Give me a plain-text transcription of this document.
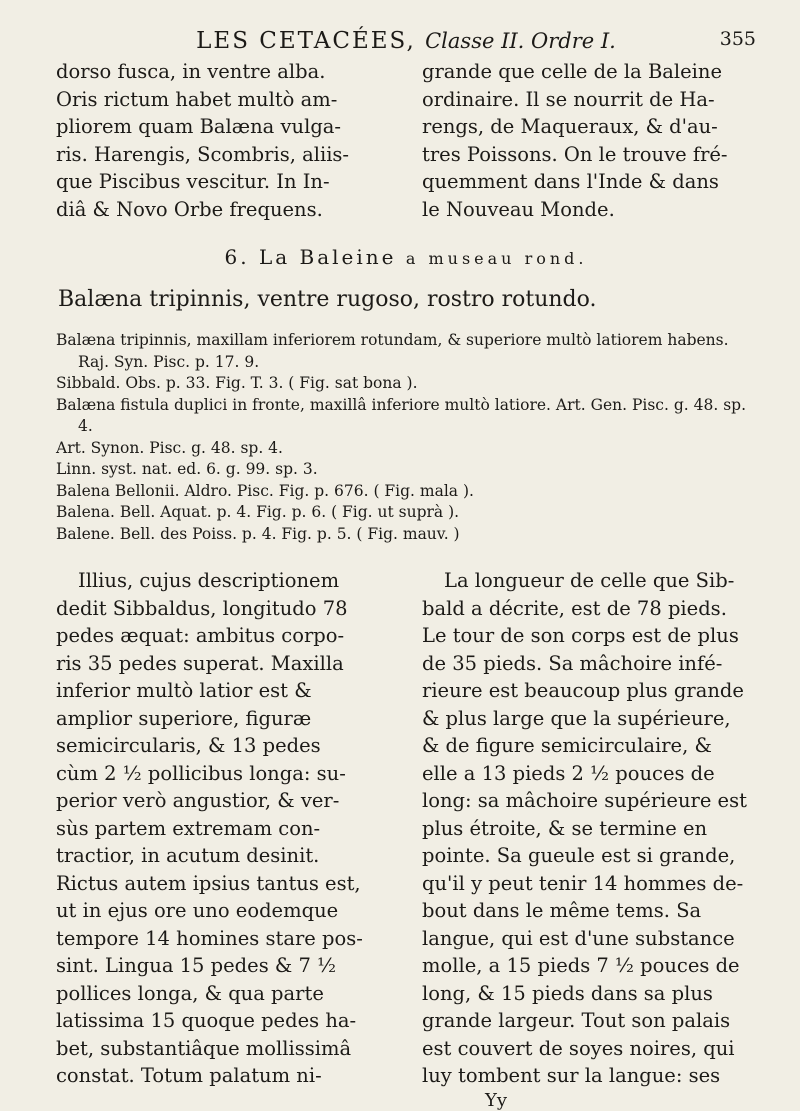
LES CETACÉES, Classe II. Ordre I.	355
dorso fusca, in ventre alba.
Oris rictum habet multò am-
pliorem quam Balæna vulga-
ris. Harengis, Scombris, aliis-
que Piscibus vescitur. In In-
diâ & Novo Orbe frequens.
grande que celle de la Baleine
ordinaire. Il se nourrit de Ha-
rengs, de Maqueraux, & d'au-
tres Poissons. On le trouve fré-
quemment dans l'Inde & dans
le Nouveau Monde.
6. La Baleine a museau rond.
Balæna tripinnis, ventre rugoso, rostro rotundo.
Balæna tripinnis, maxillam inferiorem rotundam, & superiore multò latiorem habens. Raj. Syn. Pisc. p. 17. 9.
Sibbald. Obs. p. 33. Fig. T. 3. ( Fig. sat bona ).
Balæna fistula duplici in fronte, maxillâ inferiore multò latiore. Art. Gen. Pisc. g. 48. sp. 4.
Art. Synon. Pisc. g. 48. sp. 4.
Linn. syst. nat. ed. 6. g. 99. sp. 3.
Balena Bellonii. Aldro. Pisc. Fig. p. 676. ( Fig. mala ).
Balena. Bell. Aquat. p. 4. Fig. p. 6. ( Fig. ut suprà ).
Balene. Bell. des Poiss. p. 4. Fig. p. 5. ( Fig. mauv. )
Illius, cujus descriptionem
dedit Sibbaldus, longitudo 78
pedes æquat: ambitus corpo-
ris 35 pedes superat. Maxilla
inferior multò latior est &
amplior superiore, figuræ
semicircularis, & 13 pedes
cùm 2 ½ pollicibus longa: su-
perior verò angustior, & ver-
sùs partem extremam con-
tractior, in acutum desinit.
Rictus autem ipsius tantus est,
ut in ejus ore uno eodemque
tempore 14 homines stare pos-
sint. Lingua 15 pedes & 7 ½
pollices longa, & qua parte
latissima 15 quoque pedes ha-
bet, substantiâque mollissimâ
constat. Totum palatum ni-
La longueur de celle que Sib-
bald a décrite, est de 78 pieds.
Le tour de son corps est de plus
de 35 pieds. Sa mâchoire infé-
rieure est beaucoup plus grande
& plus large que la supérieure,
& de figure semicirculaire, &
elle a 13 pieds 2 ½ pouces de
long: sa mâchoire supérieure est
plus étroite, & se termine en
pointe. Sa gueule est si grande,
qu'il y peut tenir 14 hommes de-
bout dans le même tems. Sa
langue, qui est d'une substance
molle, a 15 pieds 7 ½ pouces de
long, & 15 pieds dans sa plus
grande largeur. Tout son palais
est couvert de soyes noires, qui
luy tombent sur la langue: ses
Yy
